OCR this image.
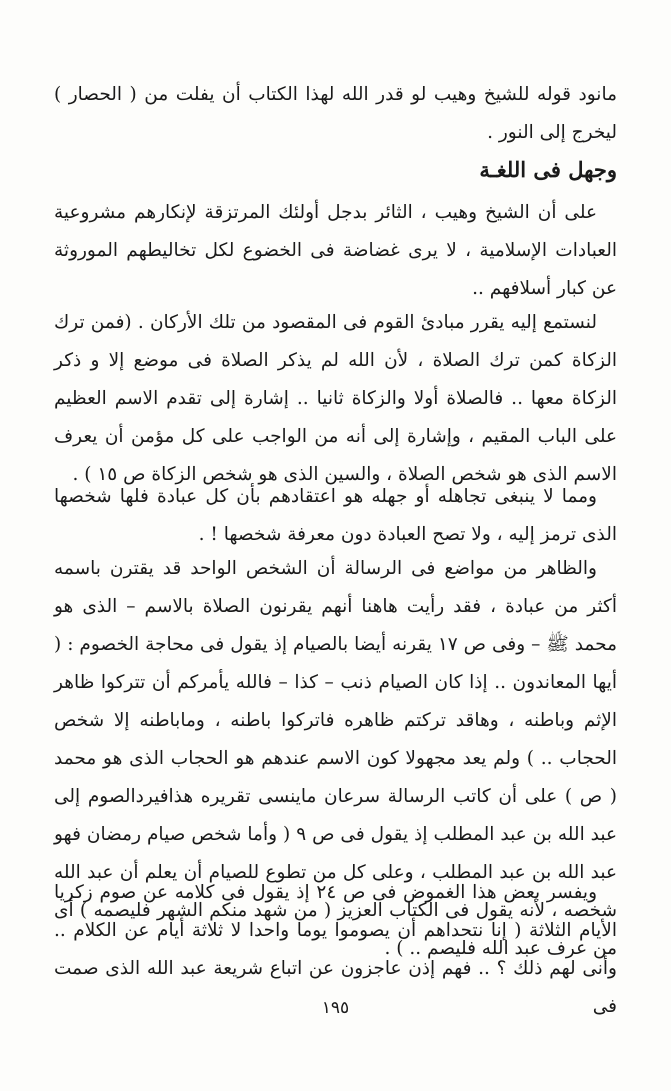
مانود قوله للشيخ وهيب لو قدر الله لهذا الكتاب أن يفلت من ( الحصار ) ليخرج إلى النور .

وجهل فى اللغـة

على أن الشيخ وهيب ، الثائر بدجل أولئك المرتزقة لإنكارهم مشروعية العبادات الإسلامية ، لا يرى غضاضة فى الخضوع لكل تخاليطهم الموروثة عن كبار أسلافهم ..

لنستمع إليه يقرر مبادئ القوم فى المقصود من تلك الأركان . (فمن ترك الزكاة كمن ترك الصلاة ، لأن الله لم يذكر الصلاة فى موضع إلا و ذكر الزكاة معها .. فالصلاة أولا والزكاة ثانيا .. إشارة إلى تقدم الاسم العظيم على الباب المقيم ، وإشارة إلى أنه من الواجب على كل مؤمن أن يعرف الاسم الذى هو شخص الصلاة ، والسين الذى هو شخص الزكاة ص ١٥ ) .

ومما لا ينبغى تجاهله أو جهله هو اعتقادهم بأن كل عبادة فلها شخصها الذى ترمز إليه ، ولا تصح العبادة دون معرفة شخصها ! .

والظاهر من مواضع فى الرسالة أن الشخص الواحد قد يقترن باسمه أكثر من عبادة ، فقد رأيت هاهنا أنهم يقرنون الصلاة بالاسم – الذى هو محمد ﷺ – وفى ص ١٧ يقرنه أيضا بالصيام إذ يقول فى محاجة الخصوم : ( أيها المعاندون .. إذا كان الصيام ذنب – كذا – فالله يأمركم أن تتركوا ظاهر الإثم وباطنه ، وهاقد تركتم ظاهره فاتركوا باطنه ، وماباطنه إلا شخص الحجاب .. ) ولم يعد مجهولا كون الاسم عندهم هو الحجاب الذى هو محمد ( ص ) على أن كاتب الرسالة سرعان ماينسى تقريره هذافيردالصوم إلى عبد الله بن عبد المطلب إذ يقول فى ص ٩ ( وأما شخص صيام رمضان فهو عبد الله بن عبد المطلب ، وعلى كل من تطوع للصيام أن يعلم أن عبد الله شخصه ، لأنه يقول فى الكتاب العزيز ( من شهد منكم الشهر فليصمه ) أى من عرف عبد الله فليصم .. ) .

ويفسر بعض هذا الغموض فى ص ٢٤ إذ يقول فى كلامه عن صوم زكريا الأيام الثلاثة ( إنا نتحداهم أن يصوموا يوما واحدا لا ثلاثة أيام عن الكلام .. وأنى لهم ذلك ؟ .. فهم إذن عاجزون عن اتباع شريعة عبد الله الذى صمت فى

١٩٥
